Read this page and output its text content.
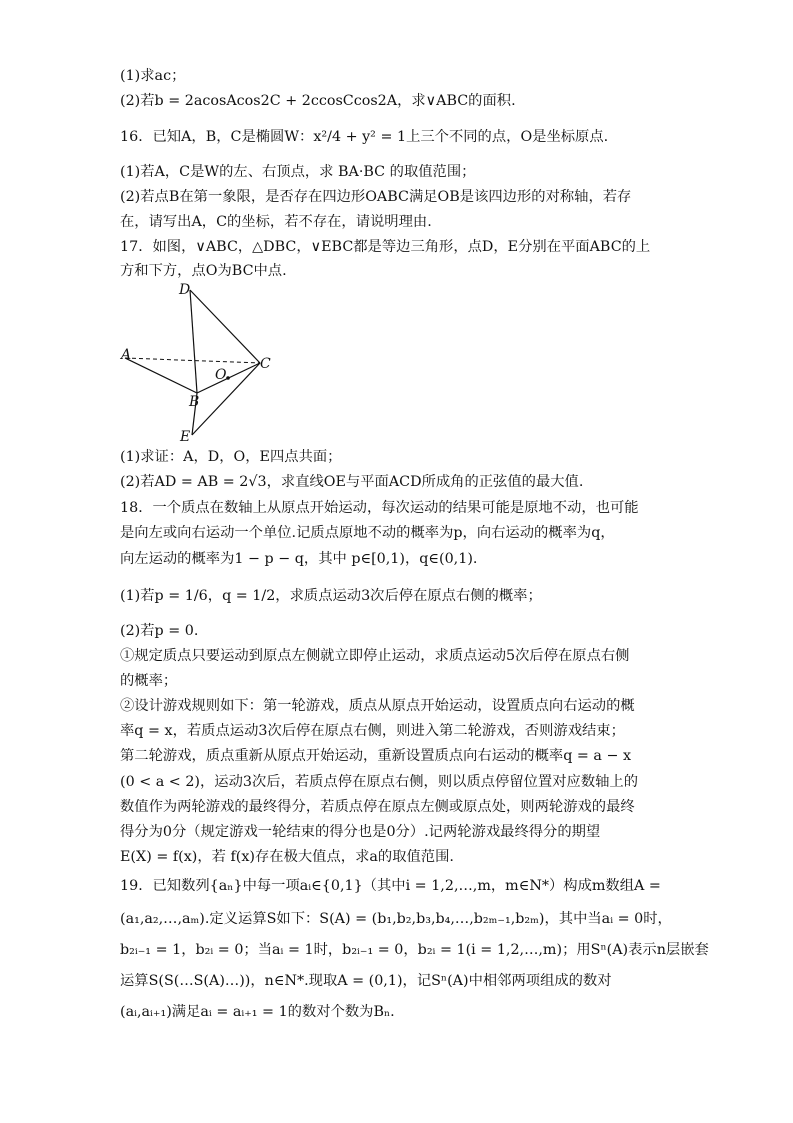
(1)求ac；
(2)若b = 2acosAcos2C + 2ccosCcos2A，求∨ABC的面积.
16．已知A，B，C是椭圆W：x²/4 + y² = 1上三个不同的点，O是坐标原点.
(1)若A，C是W的左、右顶点，求 BA·BC 的取值范围；
(2)若点B在第一象限，是否存在四边形OABC满足OB是该四边形的对称轴，若存
在，请写出A，C的坐标，若不存在，请说明理由.
17．如图，∨ABC，△DBC，∨EBC都是等边三角形，点D，E分别在平面ABC的上
方和下方，点O为BC中点.
D
A
C
O
B
E
(1)求证：A，D，O，E四点共面；
(2)若AD = AB = 2√3，求直线OE与平面ACD所成角的正弦值的最大值.
18．一个质点在数轴上从原点开始运动，每次运动的结果可能是原地不动，也可能
是向左或向右运动一个单位.记质点原地不动的概率为p，向右运动的概率为q，
向左运动的概率为1 − p − q，其中 p∈[0,1)，q∈(0,1).
(1)若p = 1/6，q = 1/2，求质点运动3次后停在原点右侧的概率；
(2)若p = 0.
①规定质点只要运动到原点左侧就立即停止运动，求质点运动5次后停在原点右侧
的概率；
②设计游戏规则如下：第一轮游戏，质点从原点开始运动，设置质点向右运动的概
率q = x，若质点运动3次后停在原点右侧，则进入第二轮游戏，否则游戏结束；
第二轮游戏，质点重新从原点开始运动，重新设置质点向右运动的概率q = a − x
(0 < a < 2)，运动3次后，若质点停在原点右侧，则以质点停留位置对应数轴上的
数值作为两轮游戏的最终得分，若质点停在原点左侧或原点处，则两轮游戏的最终
得分为0分（规定游戏一轮结束的得分也是0分）.记两轮游戏最终得分的期望
E(X) = f(x)，若 f(x)存在极大值点，求a的取值范围.
19．已知数列{aₙ}中每一项aᵢ∈{0,1}（其中i = 1,2,…,m，m∈N*）构成m数组A =
(a₁,a₂,…,aₘ).定义运算S如下：S(A) = (b₁,b₂,b₃,b₄,…,b₂ₘ₋₁,b₂ₘ)，其中当aᵢ = 0时，
b₂ᵢ₋₁ = 1，b₂ᵢ = 0；当aᵢ = 1时，b₂ᵢ₋₁ = 0，b₂ᵢ = 1(i = 1,2,…,m)；用Sⁿ(A)表示n层嵌套
运算S(S(…S(A)…))，n∈N*.现取A = (0,1)，记Sⁿ(A)中相邻两项组成的数对
(aᵢ,aᵢ₊₁)满足aᵢ = aᵢ₊₁ = 1的数对个数为Bₙ.
